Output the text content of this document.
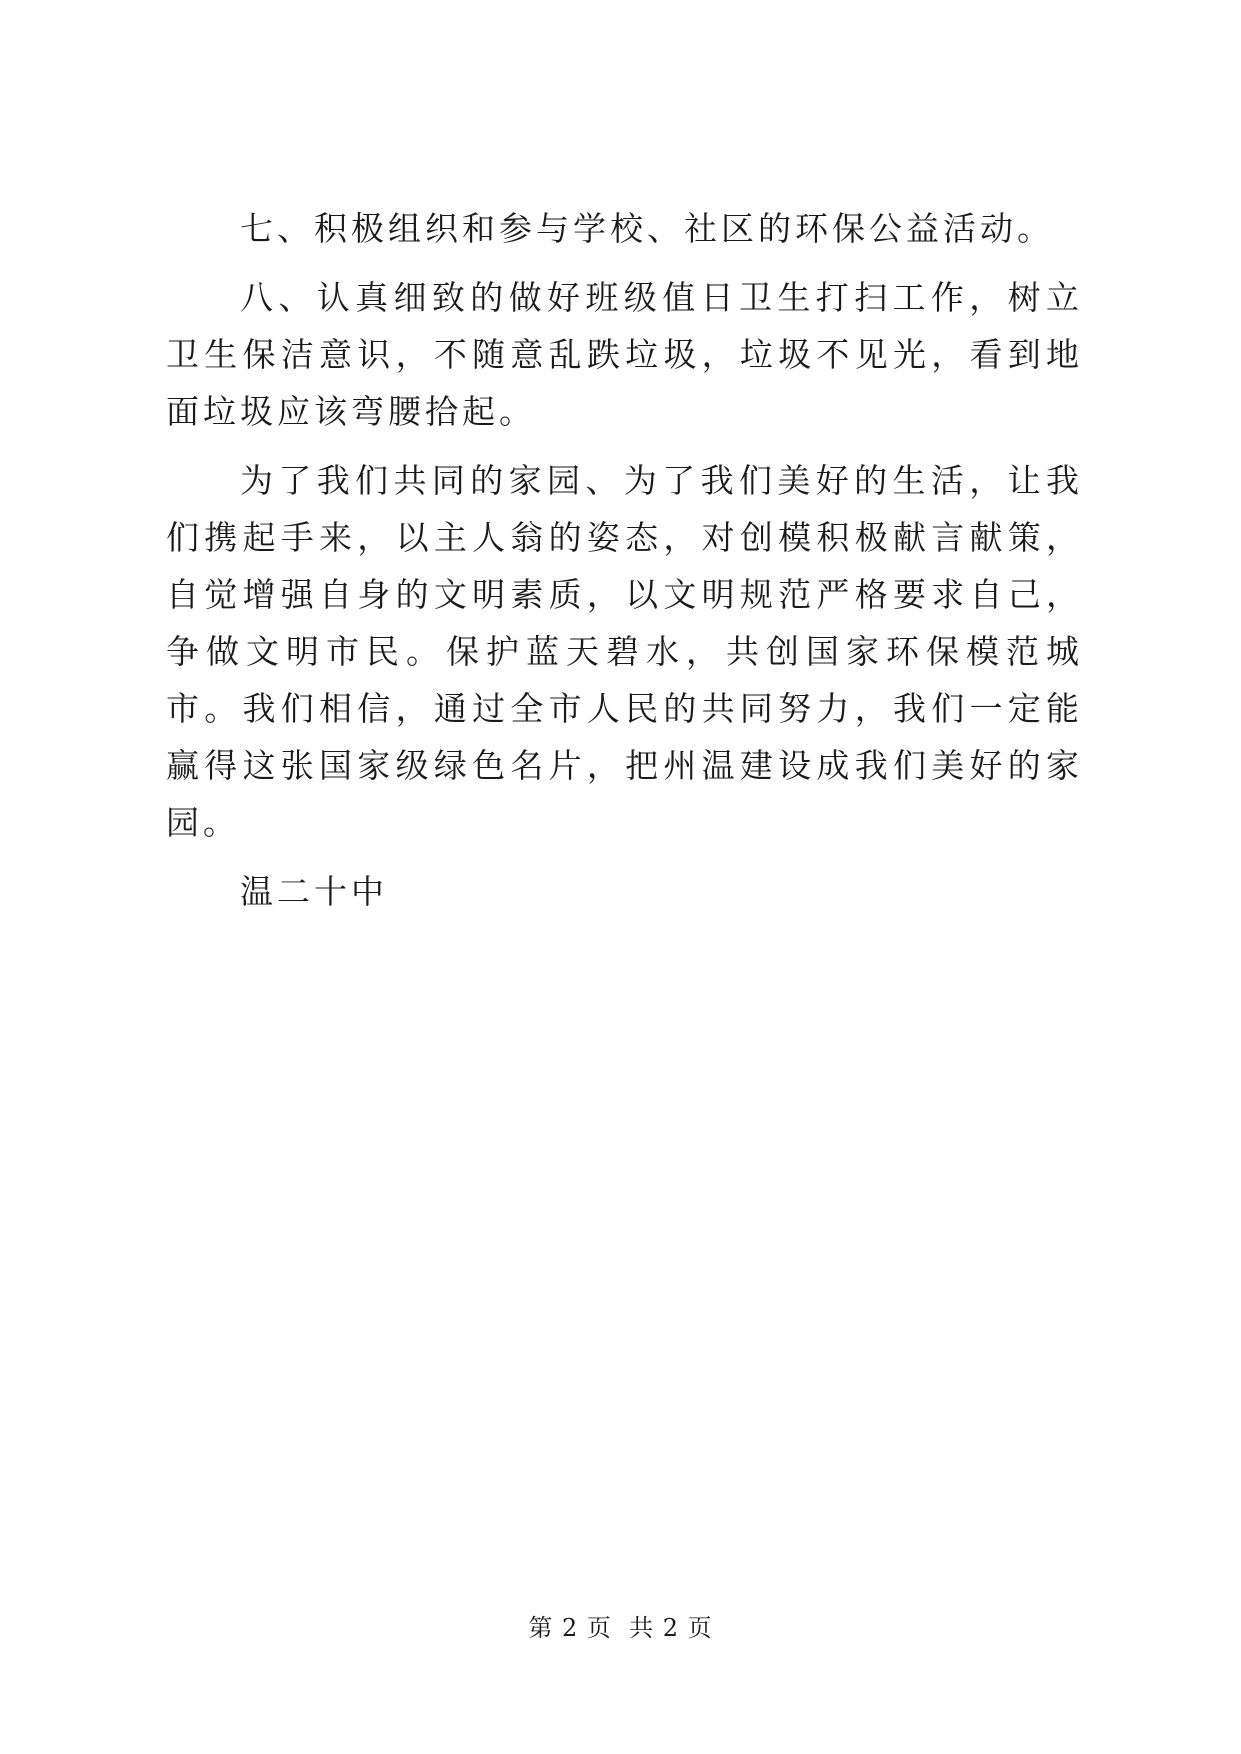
七、积极组织和参与学校、社区的环保公益活动。

八、认真细致的做好班级值日卫生打扫工作，树立卫生保洁意识，不随意乱跌垃圾，垃圾不见光，看到地面垃圾应该弯腰拾起。

为了我们共同的家园、为了我们美好的生活，让我们携起手来，以主人翁的姿态，对创模积极献言献策，自觉增强自身的文明素质，以文明规范严格要求自己，争做文明市民。保护蓝天碧水，共创国家环保模范城市。我们相信，通过全市人民的共同努力，我们一定能赢得这张国家级绿色名片，把州温建设成我们美好的家园。

温二十中

第 2 页 共 2 页
